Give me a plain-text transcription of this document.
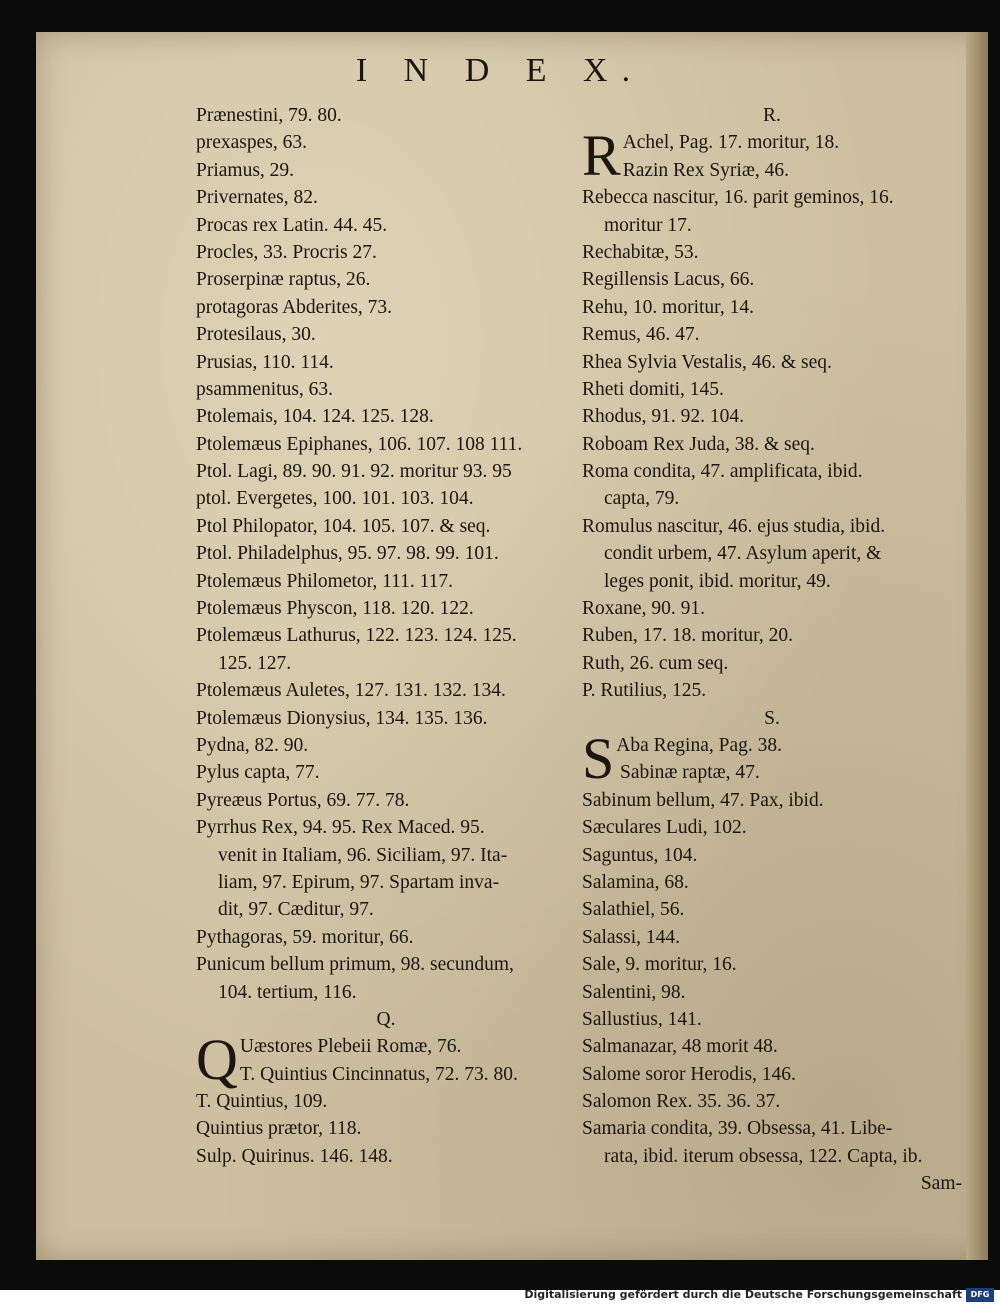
I N D E X.
Prænestini, 79. 80.
prexaspes, 63.
Priamus, 29.
Privernates, 82.
Procas rex Latin. 44. 45.
Procles, 33. Procris 27.
Proserpinæ raptus, 26.
protagoras Abderites, 73.
Protesilaus, 30.
Prusias, 110. 114.
psammenitus, 63.
Ptolemais, 104. 124. 125. 128.
Ptolemæus Epiphanes, 106. 107. 108 111.
Ptol. Lagi, 89. 90. 91. 92. moritur 93. 95
ptol. Evergetes, 100. 101. 103. 104.
Ptol Philopator, 104. 105. 107. & seq.
Ptol. Philadelphus, 95. 97. 98. 99. 101.
Ptolemæus Philometor, 111. 117.
Ptolemæus Physcon, 118. 120. 122.
Ptolemæus Lathurus, 122. 123. 124. 125.
125. 127.
Ptolemæus Auletes, 127. 131. 132. 134.
Ptolemæus Dionysius, 134. 135. 136.
Pydna, 82. 90.
Pylus capta, 77.
Pyreæus Portus, 69. 77. 78.
Pyrrhus Rex, 94. 95. Rex Maced. 95.
venit in Italiam, 96. Siciliam, 97. Ita-
liam, 97. Epirum, 97. Spartam inva-
dit, 97. Cæditur, 97.
Pythagoras, 59. moritur, 66.
Punicum bellum primum, 98. secundum,
104. tertium, 116.
Q.
Q Uæstores Plebeii Romæ, 76.
T. Quintius Cincinnatus, 72. 73. 80.
T. Quintius, 109.
Quintius prætor, 118.
Sulp. Quirinus. 146. 148.
R.
R Achel, Pag. 17. moritur, 18.
Razin Rex Syriæ, 46.
Rebecca nascitur, 16. parit geminos, 16.
moritur 17.
Rechabitæ, 53.
Regillensis Lacus, 66.
Rehu, 10. moritur, 14.
Remus, 46. 47.
Rhea Sylvia Vestalis, 46. & seq.
Rheti domiti, 145.
Rhodus, 91. 92. 104.
Roboam Rex Juda, 38. & seq.
Roma condita, 47. amplificata, ibid.
capta, 79.
Romulus nascitur, 46. ejus studia, ibid.
condit urbem, 47. Asylum aperit, &
leges ponit, ibid. moritur, 49.
Roxane, 90. 91.
Ruben, 17. 18. moritur, 20.
Ruth, 26. cum seq.
P. Rutilius, 125.
S.
S Aba Regina, Pag. 38.
Sabinæ raptæ, 47.
Sabinum bellum, 47. Pax, ibid.
Sæculares Ludi, 102.
Saguntus, 104.
Salamina, 68.
Salathiel, 56.
Salassi, 144.
Sale, 9. moritur, 16.
Salentini, 98.
Sallustius, 141.
Salmanazar, 48 morit 48.
Salome soror Herodis, 146.
Salomon Rex. 35. 36. 37.
Samaria condita, 39. Obsessa, 41. Libe-
rata, ibid. iterum obsessa, 122. Capta, ib.
Sam-
Digitalisierung gefördert durch die Deutsche Forschungsgemeinschaft	DFG
